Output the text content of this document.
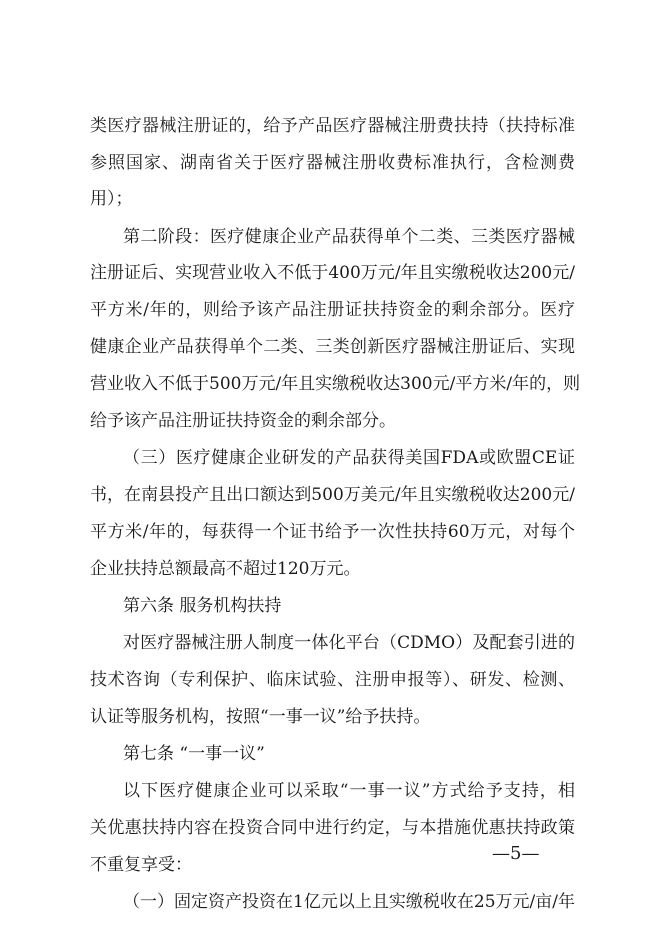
类医疗器械注册证的，给予产品医疗器械注册费扶持（扶持标准
参照国家、湖南省关于医疗器械注册收费标准执行，含检测费
用）；
第二阶段：医疗健康企业产品获得单个二类、三类医疗器械
注册证后、实现营业收入不低于400万元/年且实缴税收达200元/
平方米/年的，则给予该产品注册证扶持资金的剩余部分。医疗
健康企业产品获得单个二类、三类创新医疗器械注册证后、实现
营业收入不低于500万元/年且实缴税收达300元/平方米/年的，则
给予该产品注册证扶持资金的剩余部分。
（三）医疗健康企业研发的产品获得美国FDA或欧盟CE证
书，在南县投产且出口额达到500万美元/年且实缴税收达200元/
平方米/年的，每获得一个证书给予一次性扶持60万元，对每个
企业扶持总额最高不超过120万元。
第六条 服务机构扶持
对医疗器械注册人制度一体化平台（CDMO）及配套引进的
技术咨询（专利保护、临床试验、注册申报等）、研发、检测、
认证等服务机构，按照“一事一议”给予扶持。
第七条 “一事一议”
以下医疗健康企业可以采取“一事一议”方式给予支持，相
关优惠扶持内容在投资合同中进行约定，与本措施优惠扶持政策
不重复享受：
（一）固定资产投资在1亿元以上且实缴税收在25万元/亩/年
—5—
